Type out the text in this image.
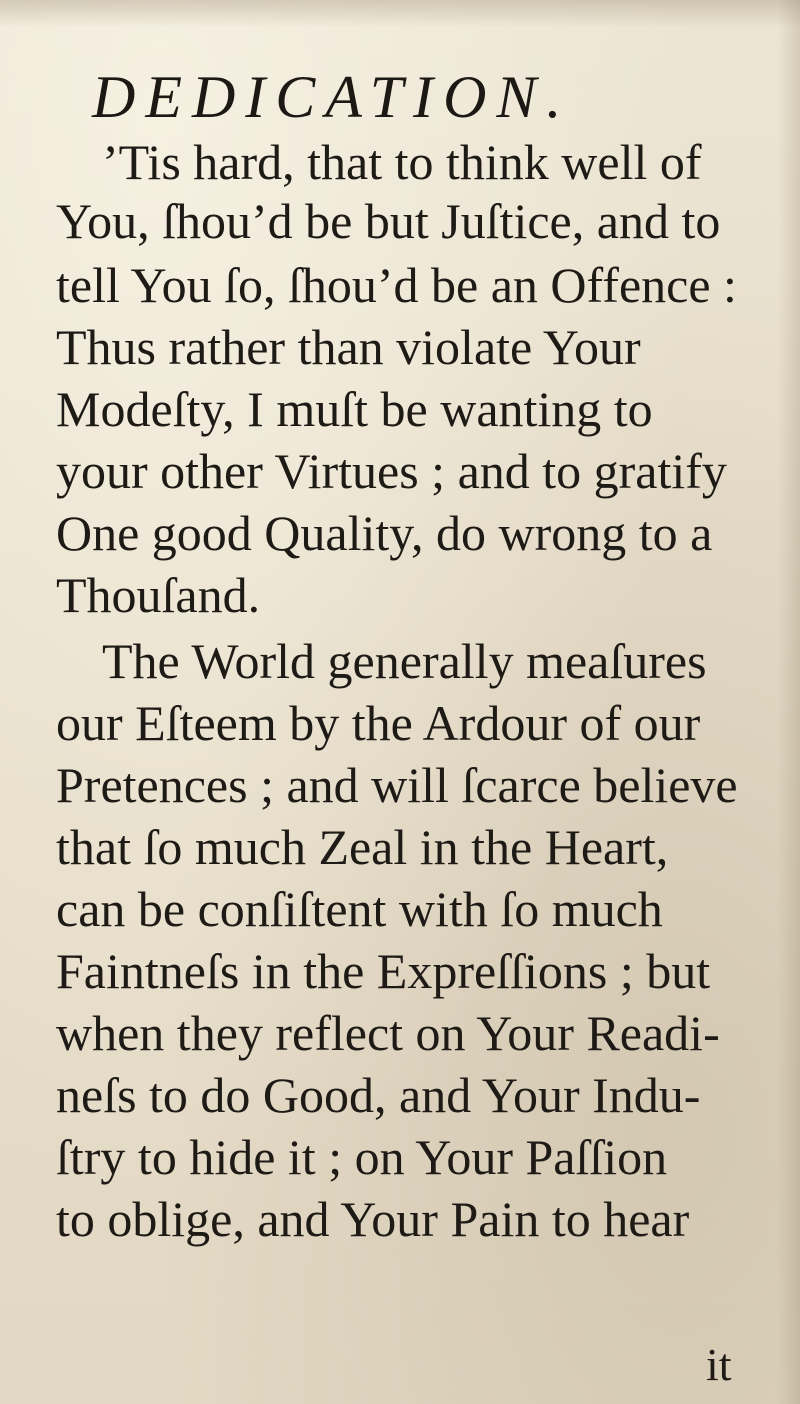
DEDICATION.
’Tis hard, that to think well of
You, ſhou’d be but Juſtice, and to
tell You ſo, ſhou’d be an Offence :
Thus rather than violate Your
Modeſty, I muſt be wanting to
your other Virtues ; and to gratify
One good Quality, do wrong to a
Thouſand.
The World generally meaſures
our Eſteem by the Ardour of our
Pretences ; and will ſcarce believe
that ſo much Zeal in the Heart,
can be conſiſtent with ſo much
Faintneſs in the Expreſſions ; but
when they reflect on Your Readi-
neſs to do Good, and Your Indu-
ſtry to hide it ; on Your Paſſion
to oblige, and Your Pain to hear
it
